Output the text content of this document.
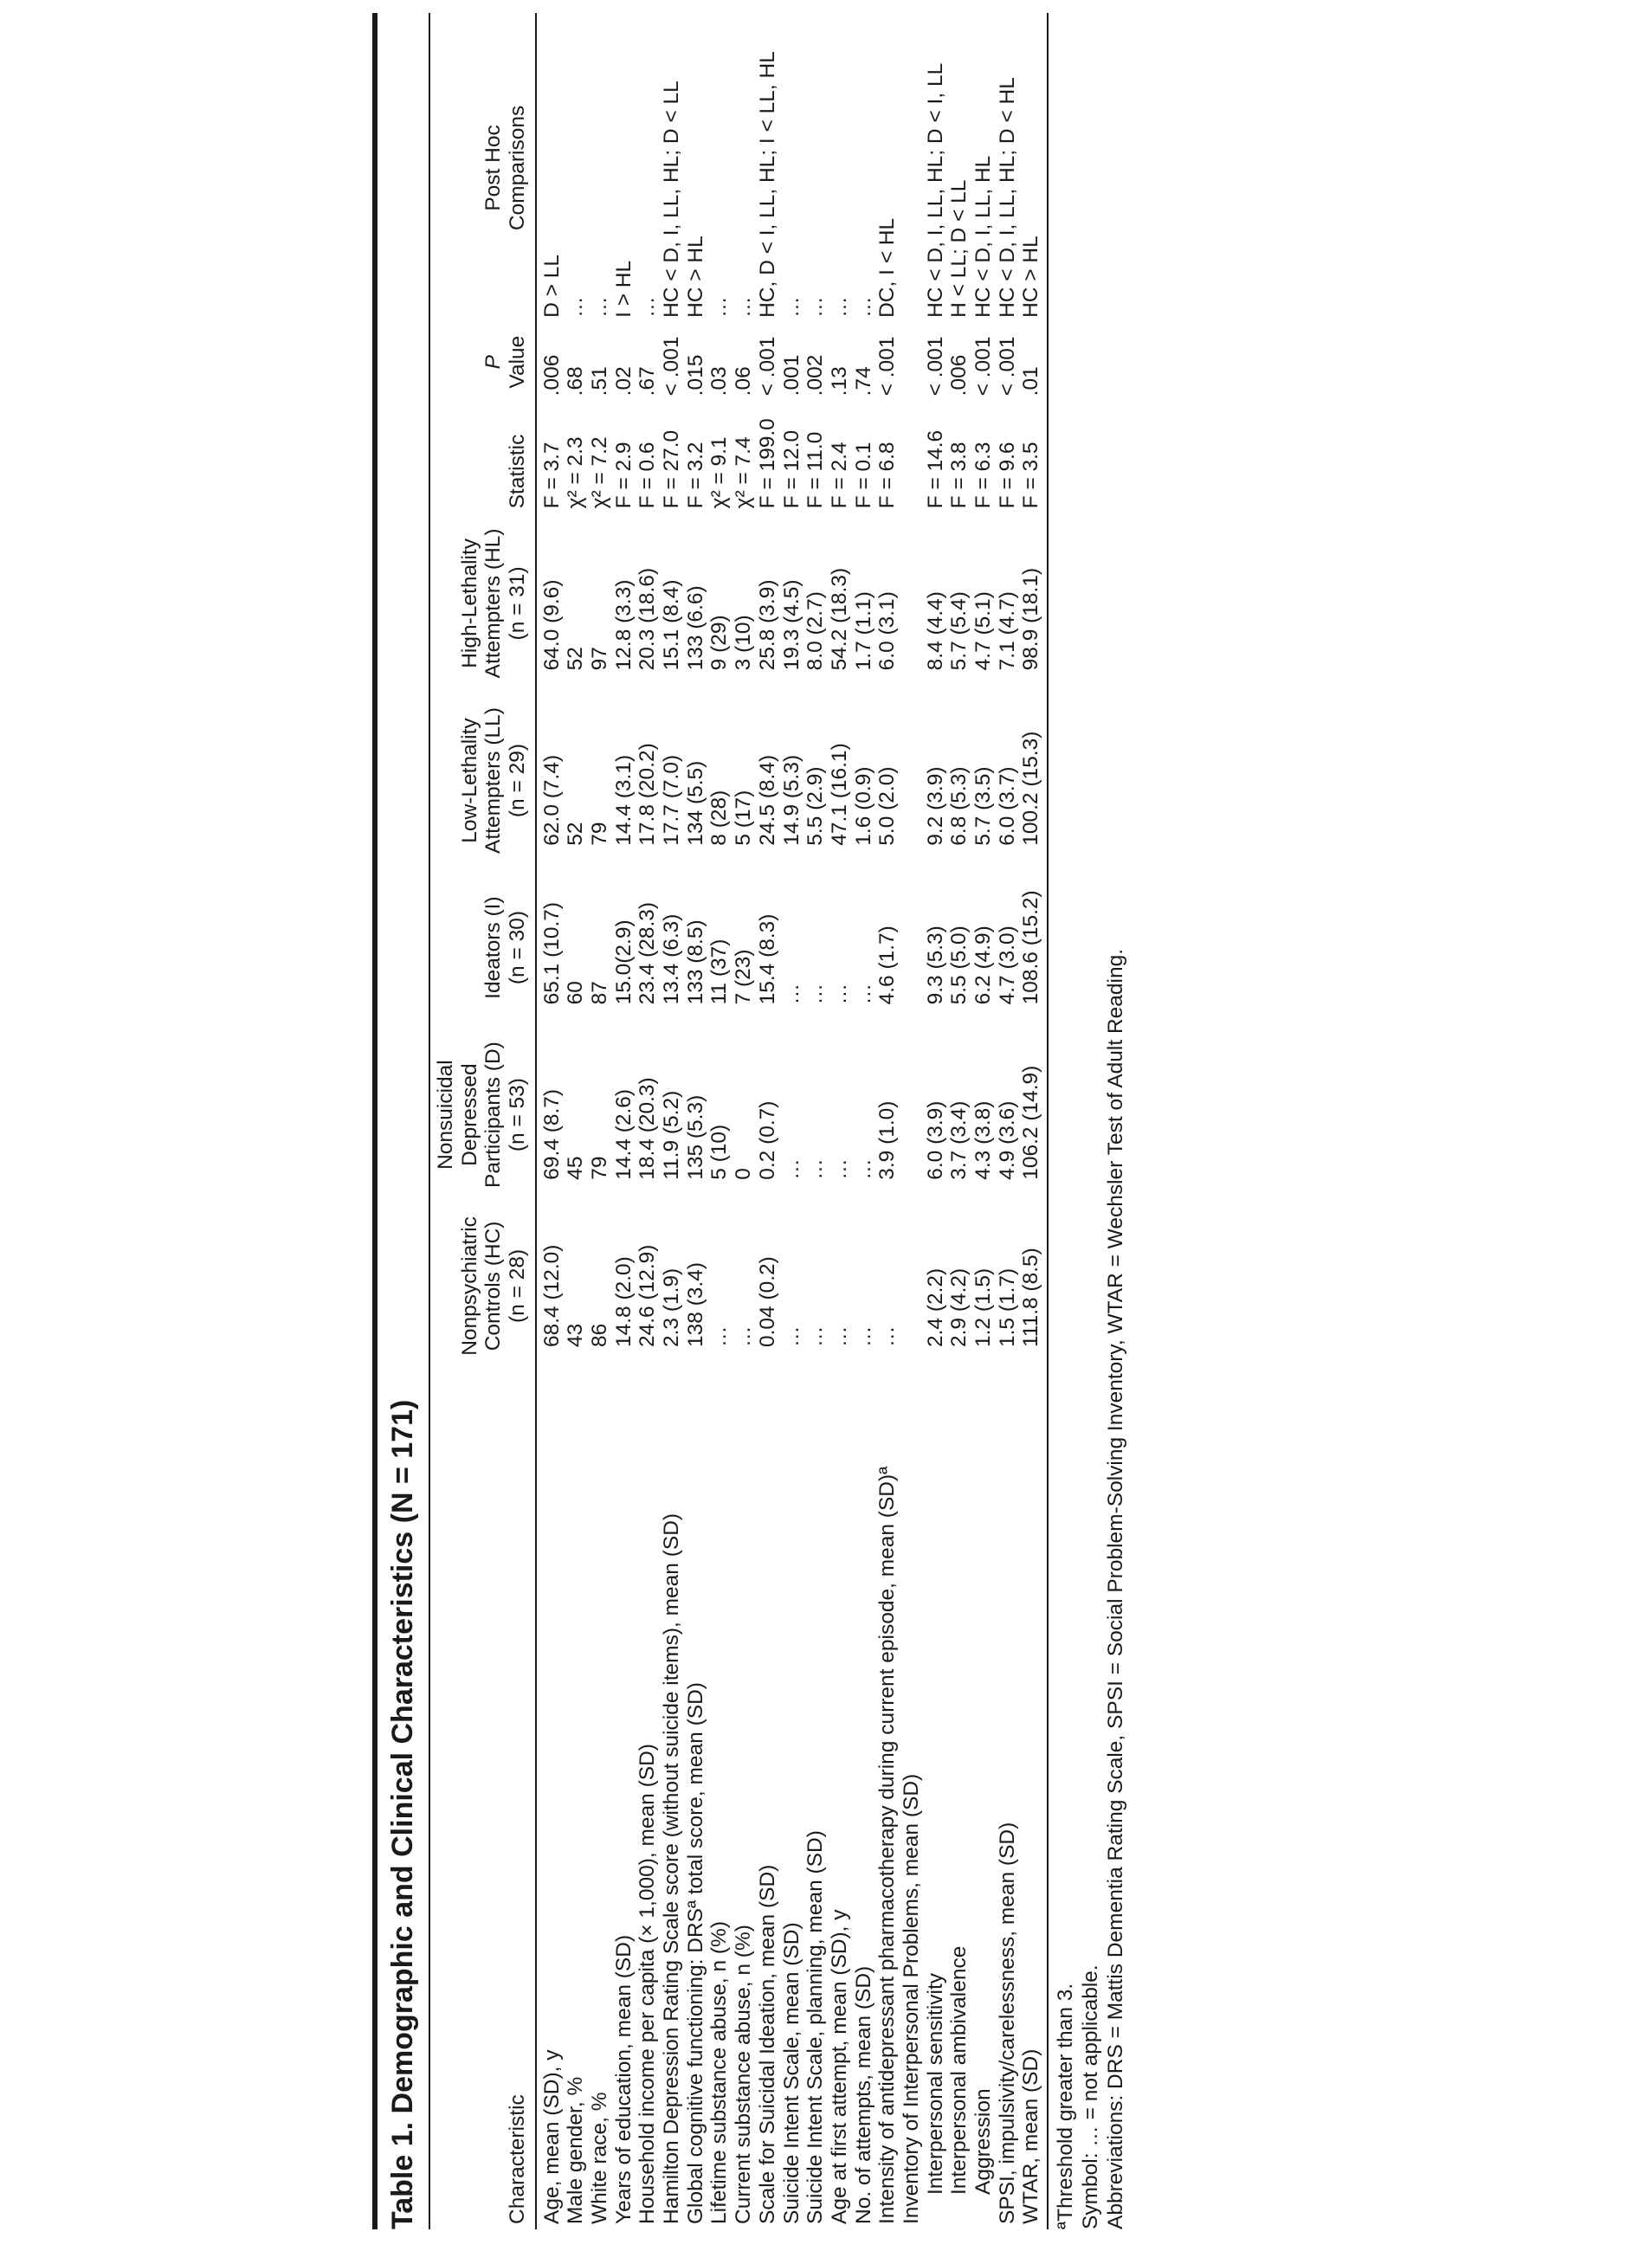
Table 1. Demographic and Clinical Characteristics (N = 171)	Characteristic	Nonpsychiatric Controls (HC) (n = 28)	Nonsuicidal Depressed Participants (D) (n = 53)	Ideators (I) (n = 30)	Low-Lethality Attempters (LL) (n = 29)	High-Lethality Attempters (HL) (n = 31)	Statistic	P Value	Post Hoc Comparisons

Age, mean (SD), y	68.4 (12.0)	69.4 (8.7)	65.1 (10.7)	62.0 (7.4)	64.0 (9.6)	F = 3.7	.006	D > LL
Male gender, %	43	45	60	52	52	χ² = 2.3	.68	…
White race, %	86	79	87	79	97	χ² = 7.2	.51	…
Years of education, mean (SD)	14.8 (2.0)	14.4 (2.6)	15.0(2.9)	14.4 (3.1)	12.8 (3.3)	F = 2.9	.02	I > HL
Household income per capita (× 1,000), mean (SD)	24.6 (12.9)	18.4 (20.3)	23.4 (28.3)	17.8 (20.2)	20.3 (18.6)	F = 0.6	.67	…
Hamilton Depression Rating Scale score (without suicide items), mean (SD)	2.3 (1.9)	11.9 (5.2)	13.4 (6.3)	17.7 (7.0)	15.1 (8.4)	F = 27.0	< .001	HC < D, I, LL, HL; D < LL
Global cognitive functioning: DRSª total score, mean (SD)	138 (3.4)	135 (5.3)	133 (8.5)	134 (5.5)	133 (6.6)	F = 3.2	.015	HC > HL
Lifetime substance abuse, n (%)	…	5 (10)	11 (37)	8 (28)	9 (29)	χ² = 9.1	.03	…
Current substance abuse, n (%)	…	0	7 (23)	5 (17)	3 (10)	χ² = 7.4	.06	…
Scale for Suicidal Ideation, mean (SD)	0.04 (0.2)	0.2 (0.7)	15.4 (8.3)	24.5 (8.4)	25.8 (3.9)	F = 199.0	< .001	HC, D < I, LL, HL; I < LL, HL
Suicide Intent Scale, mean (SD)	…	…	…	14.9 (5.3)	19.3 (4.5)	F = 12.0	.001	…
Suicide Intent Scale, planning, mean (SD)	…	…	…	5.5 (2.9)	8.0 (2.7)	F = 11.0	.002	…
Age at first attempt, mean (SD), y	…	…	…	47.1 (16.1)	54.2 (18.3)	F = 2.4	.13	…
No. of attempts, mean (SD)	…	…	…	1.6 (0.9)	1.7 (1.1)	F = 0.1	.74	…
Intensity of antidepressant pharmacotherapy during current episode, mean (SD)ª	…	3.9 (1.0)	4.6 (1.7)	5.0 (2.0)	6.0 (3.1)	F = 6.8	< .001	DC, I < HL
Inventory of Interpersonal Problems, mean (SD)								
Interpersonal sensitivity	2.4 (2.2)	6.0 (3.9)	9.3 (5.3)	9.2 (3.9)	8.4 (4.4)	F = 14.6	< .001	HC < D, I, LL, HL; D < I, LL
Interpersonal ambivalence	2.9 (4.2)	3.7 (3.4)	5.5 (5.0)	6.8 (5.3)	5.7 (5.4)	F = 3.8	.006	H < LL; D < LL
Aggression	1.2 (1.5)	4.3 (3.8)	6.2 (4.9)	5.7 (3.5)	4.7 (5.1)	F = 6.3	< .001	HC < D, I, LL, HL
SPSI, impulsivity/carelessness, mean (SD)	1.5 (1.7)	4.9 (3.6)	4.7 (3.0)	6.0 (3.7)	7.1 (4.7)	F = 9.6	< .001	HC < D, I, LL, HL; D < HL
WTAR, mean (SD)	111.8 (8.5)	106.2 (14.9)	108.6 (15.2)	100.2 (15.3)	98.9 (18.1)	F = 3.5	.01	HC > HL

ªThreshold greater than 3. Symbol: … = not applicable. Abbreviations: DRS = Mattis Dementia Rating Scale, SPSI = Social Problem-Solving Inventory, WTAR = Wechsler Test of Adult Reading.
